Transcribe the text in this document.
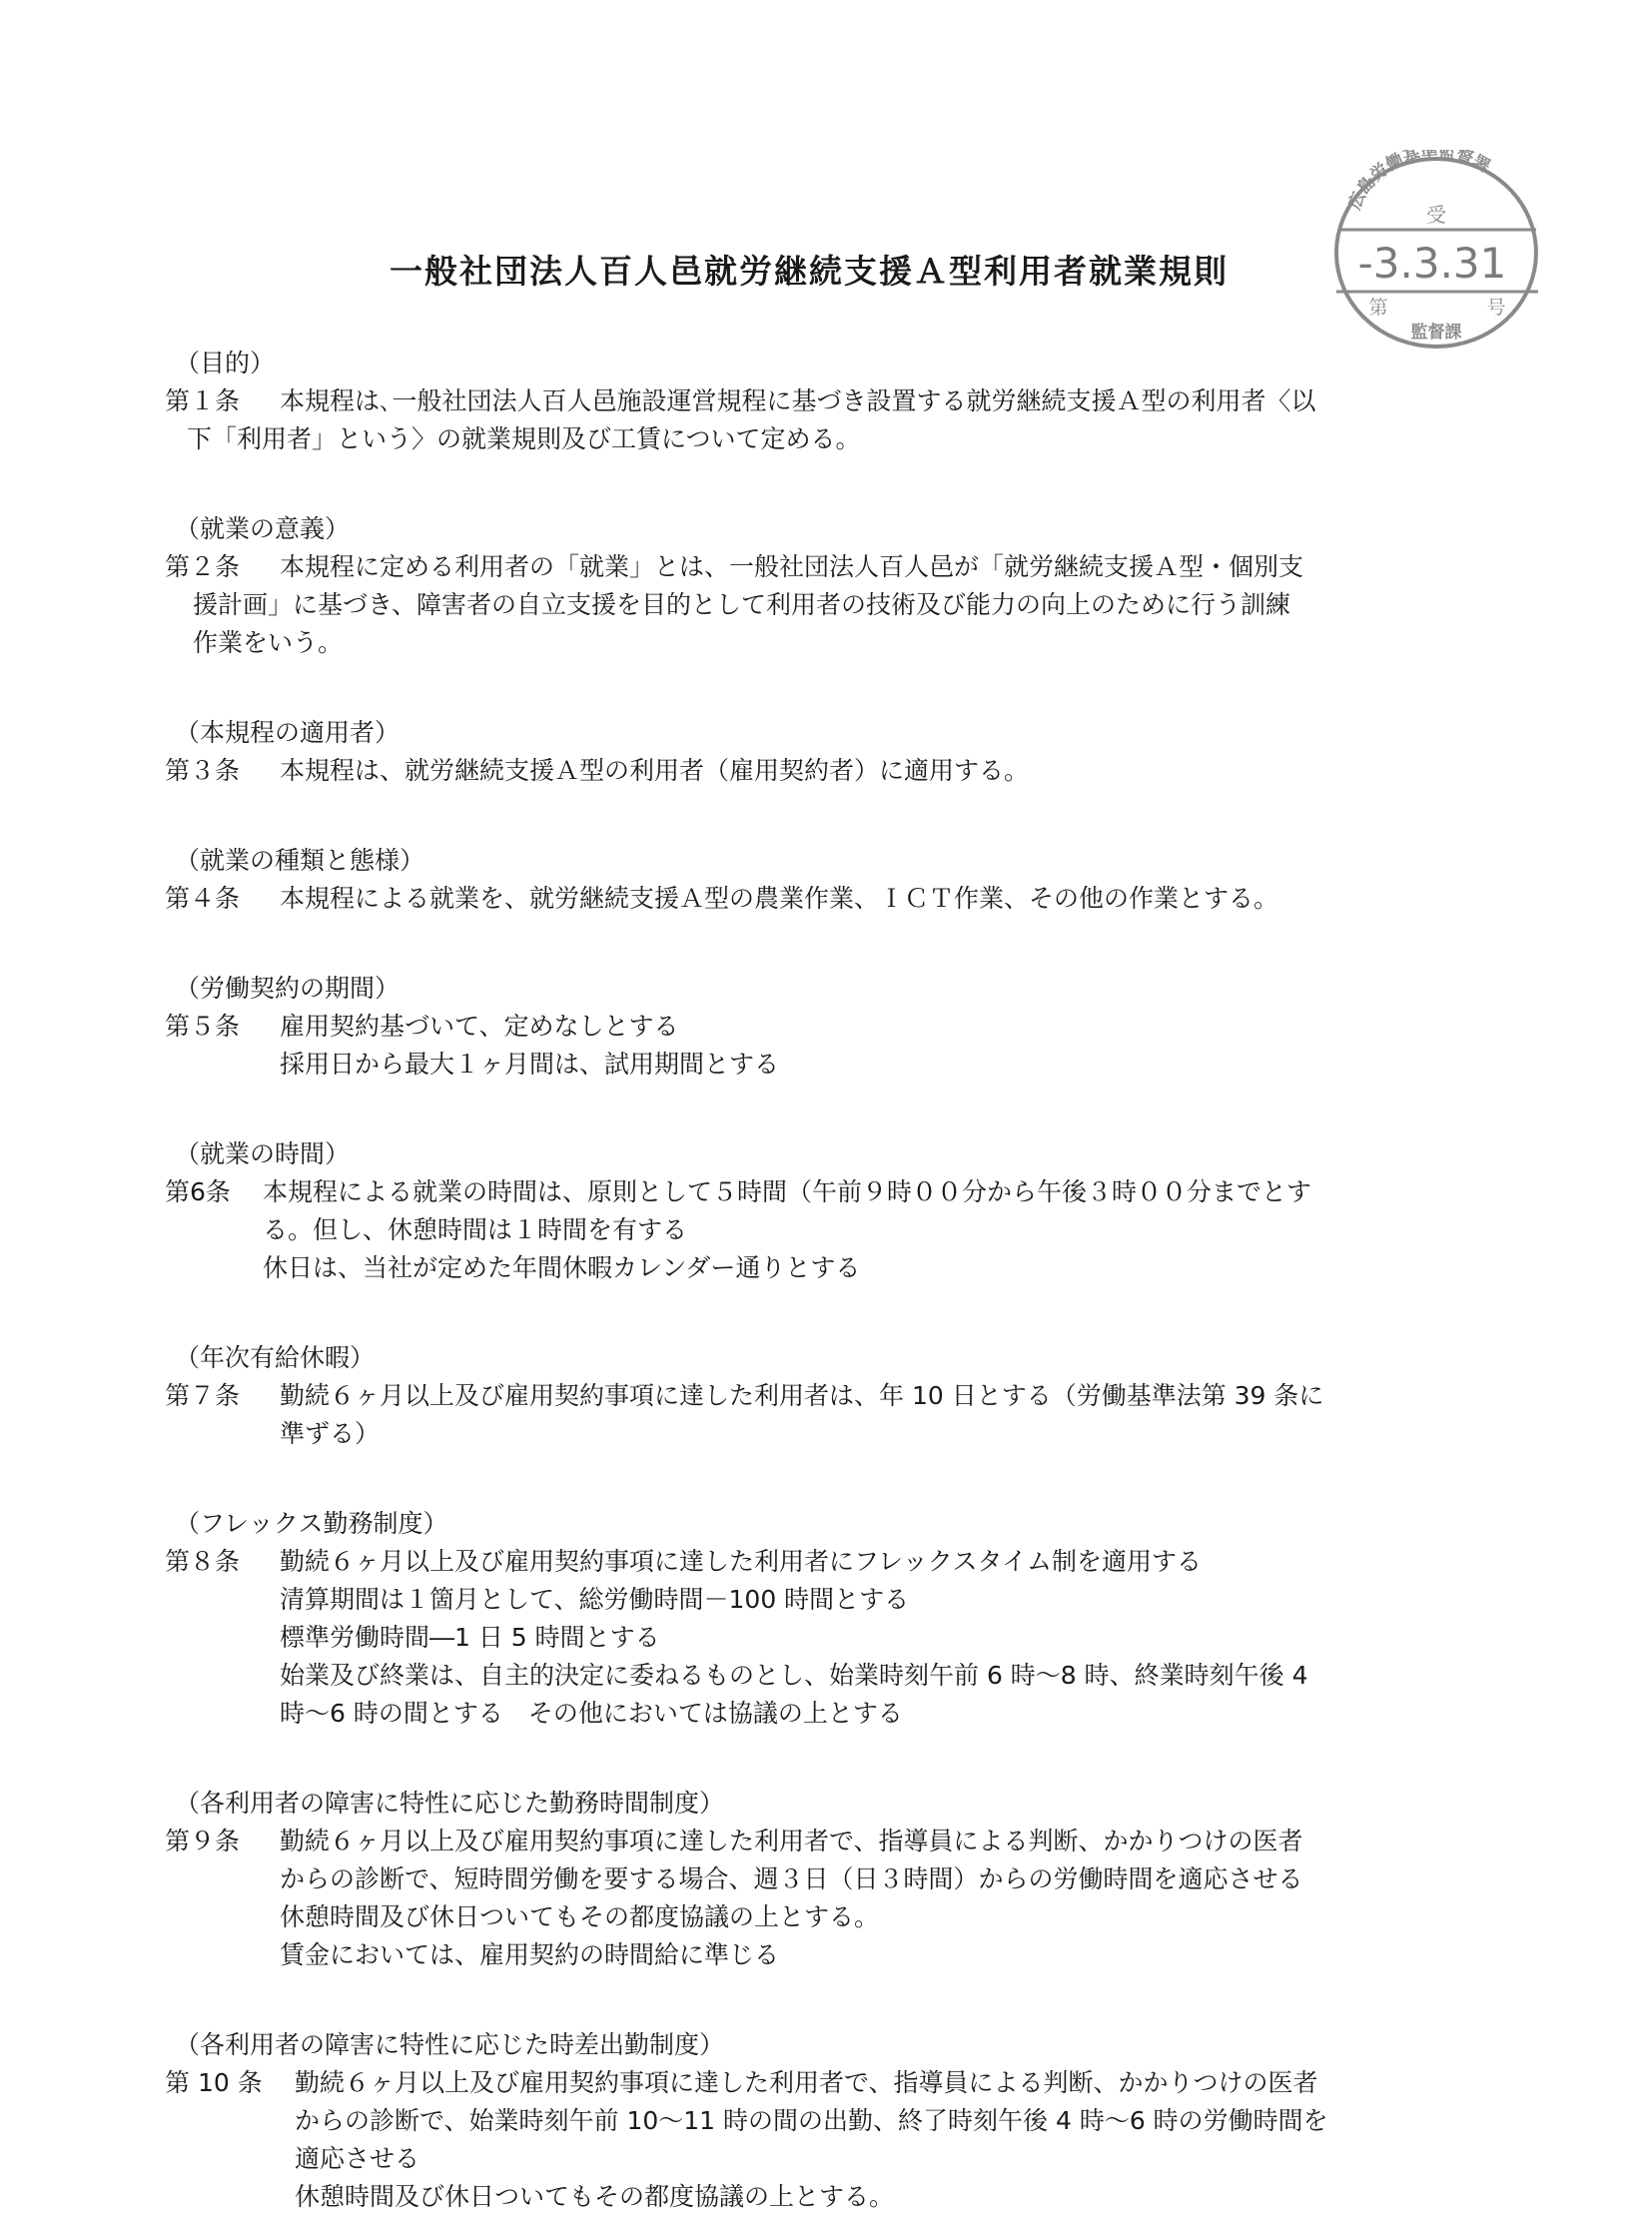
広島労働基準監督署
受
-3.3.31
第	号
監督課
一般社団法人百人邑就労継続支援Ａ型利用者就業規則
（目的）
第１条	本規程は､一般社団法人百人邑施設運営規程に基づき設置する就労継続支援Ａ型の利用者〈以
下「利用者」という〉の就業規則及び工賃について定める。
（就業の意義）
第２条	本規程に定める利用者の「就業」とは、一般社団法人百人邑が「就労継続支援Ａ型・個別支
援計画」に基づき、障害者の自立支援を目的として利用者の技術及び能力の向上のために行う訓練
作業をいう。
（本規程の適用者）
第３条	本規程は、就労継続支援Ａ型の利用者（雇用契約者）に適用する。
（就業の種類と態様）
第４条	本規程による就業を、就労継続支援Ａ型の農業作業、ＩＣＴ作業、その他の作業とする。
（労働契約の期間）
第５条	雇用契約基づいて、定めなしとする
採用日から最大１ヶ月間は、試用期間とする
（就業の時間）
第6条	本規程による就業の時間は、原則として５時間（午前９時００分から午後３時００分までとす
る。但し、休憩時間は１時間を有する
休日は、当社が定めた年間休暇カレンダー通りとする
（年次有給休暇）
第７条	勤続６ヶ月以上及び雇用契約事項に達した利用者は、年 10 日とする（労働基準法第 39 条に
準ずる）
（フレックス勤務制度）
第８条	勤続６ヶ月以上及び雇用契約事項に達した利用者にフレックスタイム制を適用する
清算期間は１箇月として、総労働時間－100 時間とする
標準労働時間―1 日 5 時間とする
始業及び終業は、自主的決定に委ねるものとし、始業時刻午前 6 時～8 時、終業時刻午後 4
時～6 時の間とする　その他においては協議の上とする
（各利用者の障害に特性に応じた勤務時間制度）
第９条	勤続６ヶ月以上及び雇用契約事項に達した利用者で、指導員による判断、かかりつけの医者
からの診断で、短時間労働を要する場合、週３日（日３時間）からの労働時間を適応させる
休憩時間及び休日ついてもその都度協議の上とする。
賃金においては、雇用契約の時間給に準じる
（各利用者の障害に特性に応じた時差出勤制度）
第 10 条	勤続６ヶ月以上及び雇用契約事項に達した利用者で、指導員による判断、かかりつけの医者
からの診断で、始業時刻午前 10～11 時の間の出勤、終了時刻午後 4 時～6 時の労働時間を
適応させる
休憩時間及び休日ついてもその都度協議の上とする。
